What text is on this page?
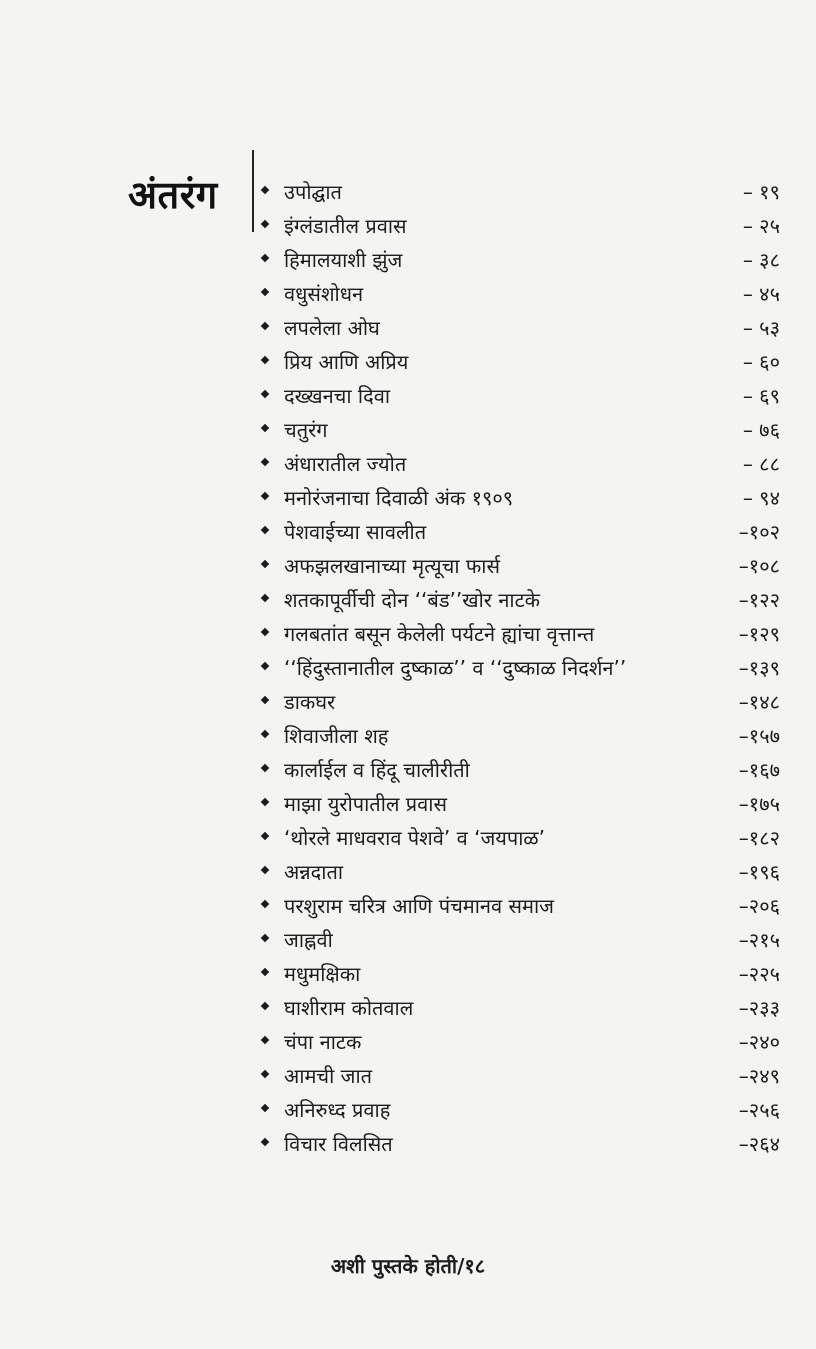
अंतरंग	उपोद्घात	– १९
इंग्लंडातील प्रवास	– २५
हिमालयाशी झुंज	– ३८
वधुसंशोधन	– ४५
लपलेला ओघ	– ५३
प्रिय आणि अप्रिय	– ६०
दख्खनचा दिवा	– ६९
चतुरंग	– ७६
अंधारातील ज्योत	– ८८
मनोरंजनाचा दिवाळी अंक १९०९	– ९४
पेशवाईच्या सावलीत	–१०२
अफझलखानाच्या मृत्यूचा फार्स	–१०८
शतकापूर्वीची दोन ‘‘बंड’’खोर नाटके	–१२२
गलबतांत बसून केलेली पर्यटने ह्यांचा वृत्तान्त	–१२९
‘‘हिंदुस्तानातील दुष्काळ’’ व ‘‘दुष्काळ निदर्शन’’	–१३९
डाकघर	–१४८
शिवाजीला शह	–१५७
कार्लाईल व हिंदू चालीरीती	–१६७
माझा युरोपातील प्रवास	–१७५
‘थोरले माधवराव पेशवे’ व ‘जयपाळ’	–१८२
अन्नदाता	–१९६
परशुराम चरित्र आणि पंचमानव समाज	–२०६
जाह्नवी	–२१५
मधुमक्षिका	–२२५
घाशीराम कोतवाल	–२३३
चंपा नाटक	–२४०
आमची जात	–२४९
अनिरुध्द प्रवाह	–२५६
विचार विलसित	–२६४
अशी पुस्तके होती/१८
